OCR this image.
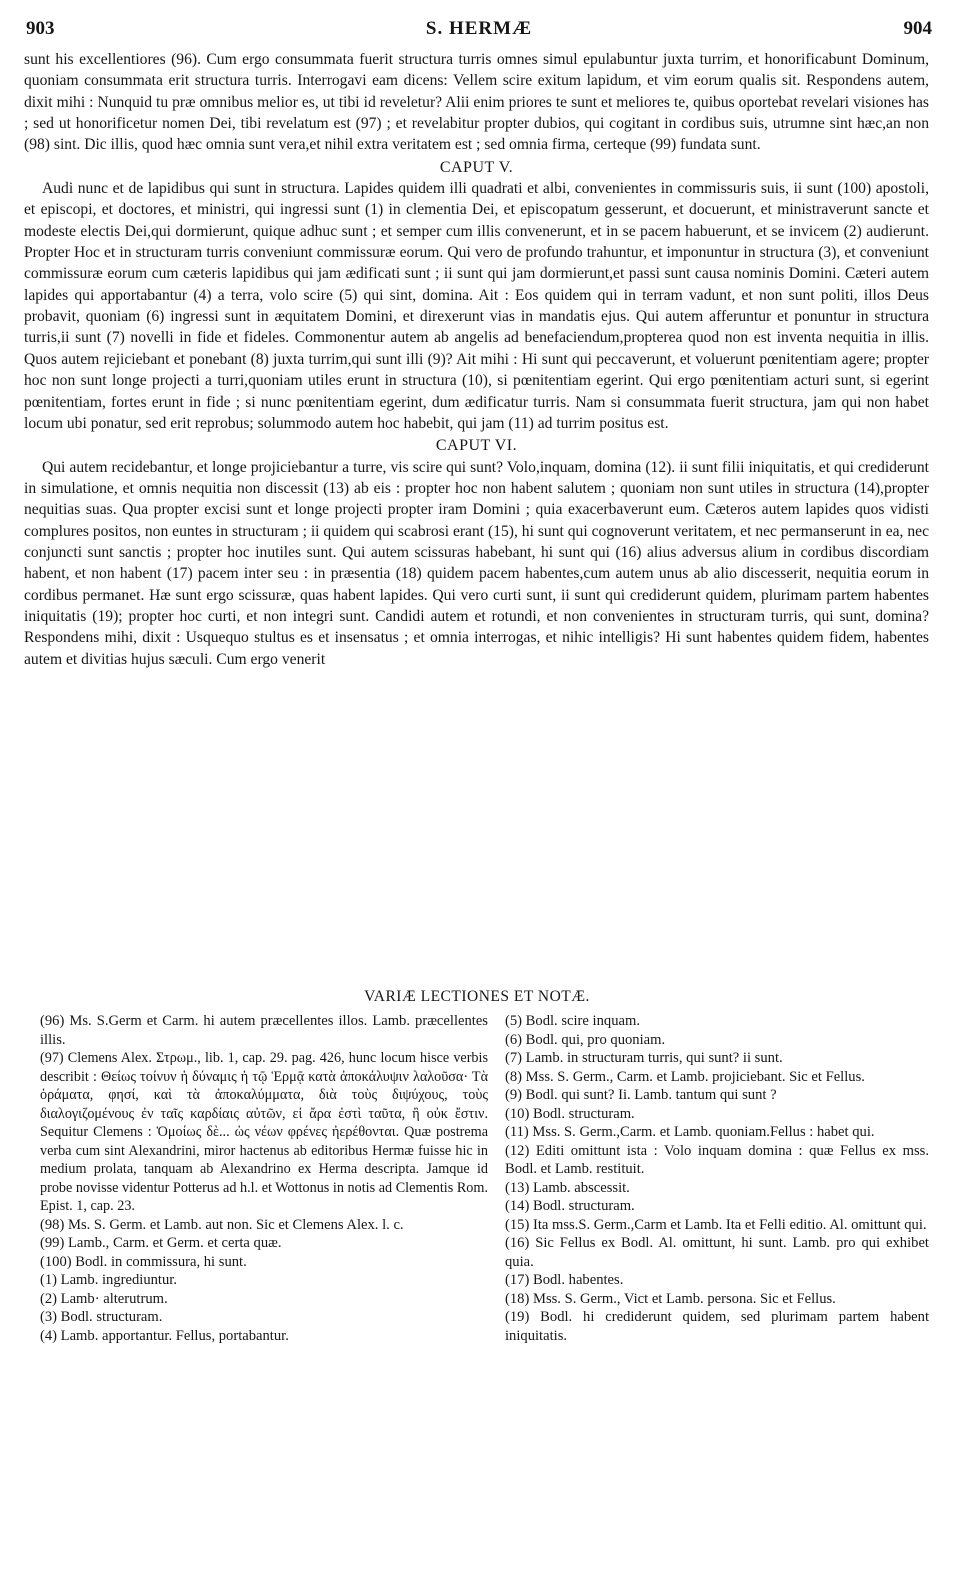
903	S. HERMÆ	904

sunt his excellentiores (96). Cum ergo consummata fuerit structura turris omnes simul epulabuntur juxta turrim, et honorificabunt Dominum, quoniam consummata erit structura turris. Interrogavi eam dicens: Vellem scire exitum lapidum, et vim eorum qualis sit. Respondens autem, dixit mihi : Nunquid tu præ omnibus melior es, ut tibi id reveletur? Alii enim priores te sunt et meliores te, quibus oportebat revelari visiones has ; sed ut honorificetur nomen Dei, tibi revelatum est (97) ; et revelabitur propter dubios, qui cogitant in cordibus suis, utrumne sint hæc,an non (98) sint. Dic illis, quod hæc omnia sunt vera,et nihil extra veritatem est ; sed omnia firma, certeque (99) fundata sunt.

CAPUT V.

Audi nunc et de lapidibus qui sunt in structura. Lapides quidem illi quadrati et albi, convenientes in commissuris suis, ii sunt (100) apostoli, et episcopi, et doctores, et ministri, qui ingressi sunt (1) in clementia Dei, et episcopatum gesserunt, et docuerunt, et ministraverunt sancte et modeste electis Dei,qui dormierunt, quique adhuc sunt ; et semper cum illis convenerunt, et in se pacem habuerunt, et se invicem (2) audierunt. Propter Hoc et in structuram turris conveniunt commissuræ eorum. Qui vero de profundo trahuntur, et imponuntur in structura (3), et conveniunt commissuræ eorum cum cæteris lapidibus qui jam ædificati sunt ; ii sunt qui jam dormierunt,et passi sunt causa nominis Domini. Cæteri autem lapides qui apportabantur (4) a terra, volo scire (5) qui sint, domina. Ait : Eos quidem qui in terram vadunt, et non sunt politi, illos Deus probavit, quoniam (6) ingressi sunt in æquitatem Domini, et direxerunt vias in mandatis ejus. Qui autem afferuntur et ponuntur in structura turris,ii sunt (7) novelli in fide et fideles. Commonentur autem ab angelis ad benefaciendum,propterea quod non est inventa nequitia in illis. Quos autem rejiciebant et ponebant (8) juxta turrim,qui sunt illi (9)? Ait mihi : Hi sunt qui peccaverunt, et voluerunt pœnitentiam agere; propter hoc non sunt longe projecti a turri,quoniam utiles erunt in structura (10), si pœnitentiam egerint. Qui ergo pœnitentiam acturi sunt, si egerint pœnitentiam, fortes erunt in fide ; si nunc pœnitentiam egerint, dum ædificatur turris. Nam si consummata fuerit structura, jam qui non habet locum ubi ponatur, sed erit reprobus; solummodo autem hoc habebit, qui jam (11) ad turrim positus est.

CAPUT VI.

Qui autem recidebantur, et longe projiciebantur a turre, vis scire qui sunt? Volo,inquam, domina (12). ii sunt filii iniquitatis, et qui crediderunt in simulatione, et omnis nequitia non discessit (13) ab eis : propter hoc non habent salutem ; quoniam non sunt utiles in structura (14),propter nequitias suas. Qua propter excisi sunt et longe projecti propter iram Domini ; quia exacerbaverunt eum. Cæteros autem lapides quos vidisti complures positos, non euntes in structuram ; ii quidem qui scabrosi erant (15), hi sunt qui cognoverunt veritatem, et nec permanserunt in ea, nec conjuncti sunt sanctis ; propter hoc inutiles sunt. Qui autem scissuras habebant, hi sunt qui (16) alius adversus alium in cordibus discordiam habent, et non habent (17) pacem inter seu : in præsentia (18) quidem pacem habentes,cum autem unus ab alio discesserit, nequitia eorum in cordibus permanet. Hæ sunt ergo scissuræ, quas habent lapides. Qui vero curti sunt, ii sunt qui crediderunt quidem, plurimam partem habentes iniquitatis (19); propter hoc curti, et non integri sunt. Candidi autem et rotundi, et non convenientes in structuram turris, qui sunt, domina? Respondens mihi, dixit : Usquequo stultus es et insensatus ; et omnia interrogas, et nihic intelligis? Hi sunt habentes quidem fidem, habentes autem et divitias hujus sæculi. Cum ergo venerit

VARIÆ LECTIONES ET NOTÆ.

(96) Ms. S.Germ et Carm. hi autem præcellentes illos. Lamb. præcellentes illis.

(97) Clemens Alex. Στρωμ., lib. 1, cap. 29. pag. 426, hunc locum hisce verbis describit : Θείως τοίνυν ἡ δύναμις ἡ τῷ Ἑρμᾷ κατὰ ἀποκάλυψιν λαλοῦσα· Τὰ ὁράματα, φησί, καὶ τὰ ἀποκαλύμματα, διὰ τοὺς διψύχους, τοὺς διαλογιζομένους ἐν ταῖς καρδίαις αὐτῶν, εἰ ἄρα ἐστὶ ταῦτα, ἢ οὐκ ἔστιν. Sequitur Clemens : Ὁμοίως δὲ... ὡς νέων φρένες ἠερέθονται. Quæ postrema verba cum sint Alexandrini, miror hactenus ab editoribus Hermæ fuisse hic in medium prolata, tanquam ab Alexandrino ex Herma descripta. Jamque id probe novisse videntur Potterus ad h.l. et Wottonus in notis ad Clementis Rom. Epist. 1, cap. 23.

(98) Ms. S. Germ. et Lamb. aut non. Sic et Clemens Alex. l. c.

(99) Lamb., Carm. et Germ. et certa quæ.

(100) Bodl. in commissura, hi sunt.

(1) Lamb. ingrediuntur.

(2) Lamb· alterutrum.

(3) Bodl. structuram.

(4) Lamb. apportantur. Fellus, portabantur.

(5) Bodl. scire inquam.

(6) Bodl. qui, pro quoniam.

(7) Lamb. in structuram turris, qui sunt? ii sunt.

(8) Mss. S. Germ., Carm. et Lamb. projiciebant. Sic et Fellus.

(9) Bodl. qui sunt? Ii. Lamb. tantum qui sunt ?

(10) Bodl. structuram.

(11) Mss. S. Germ.,Carm. et Lamb. quoniam.Fellus : habet qui.

(12) Editi omittunt ista : Volo inquam domina : quæ Fellus ex mss. Bodl. et Lamb. restituit.

(13) Lamb. abscessit.

(14) Bodl. structuram.

(15) Ita mss.S. Germ.,Carm et Lamb. Ita et Felli editio. Al. omittunt qui.

(16) Sic Fellus ex Bodl. Al. omittunt, hi sunt. Lamb. pro qui exhibet quia.

(17) Bodl. habentes.

(18) Mss. S. Germ., Vict et Lamb. persona. Sic et Fellus.

(19) Bodl. hi crediderunt quidem, sed plurimam partem habent iniquitatis.
